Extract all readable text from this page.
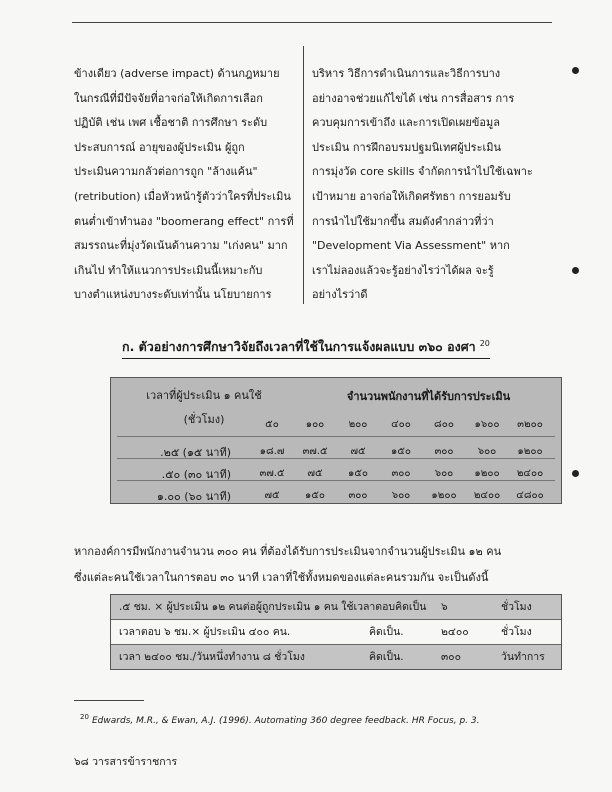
ข้างเดียว (adverse impact) ด้านกฎหมาย
ในกรณีที่มีปัจจัยที่อาจก่อให้เกิดการเลือก
ปฏิบัติ เช่น เพศ เชื้อชาติ การศึกษา ระดับ
ประสบการณ์ อายุของผู้ประเมิน ผู้ถูก
ประเมินความกลัวต่อการถูก "ล้างแค้น"
(retribution) เมื่อหัวหน้ารู้ตัวว่าใครที่ประเมิน
ตนต่ำเข้าทำนอง "boomerang effect" การที่
สมรรถนะที่มุ่งวัดเน้นด้านความ "เก่งคน" มาก
เกินไป ทำให้แนวการประเมินนี้เหมาะกับ
บางตำแหน่งบางระดับเท่านั้น นโยบายการ
บริหาร วิธีการดำเนินการและวิธีการบาง
อย่างอาจช่วยแก้ไขได้ เช่น การสื่อสาร การ
ควบคุมการเข้าถึง และการเปิดเผยข้อมูล
ประเมิน การฝึกอบรมปฐมนิเทศผู้ประเมิน
การมุ่งวัด core skills จำกัดการนำไปใช้เฉพาะ
เป้าหมาย อาจก่อให้เกิดศรัทธา การยอมรับ
การนำไปใช้มากขึ้น สมดังคำกล่าวที่ว่า
"Development Via Assessment" หาก
เราไม่ลองแล้วจะรู้อย่างไรว่าได้ผล จะรู้
อย่างไรว่าดี
ก. ตัวอย่างการศึกษาวิจัยถึงเวลาที่ใช้ในการแจ้งผลแบบ ๓๖๐ องศา $^{20}$
เวลาที่ผู้ประเมิน ๑ คนใช้
(ชั่วโมง)
จำนวนพนักงานที่ได้รับการประเมิน
๕๐	๑๐๐	๒๐๐	๔๐๐	๘๐๐	๑๖๐๐	๓๒๐๐
.๒๕ (๑๕ นาที)	๑๘.๗	๓๗.๕	๗๕	๑๕๐	๓๐๐	๖๐๐	๑๒๐๐
.๕๐ (๓๐ นาที)	๓๗.๕	๗๕	๑๕๐	๓๐๐	๖๐๐	๑๒๐๐	๒๔๐๐
๑.๐๐ (๖๐ นาที)	๗๕	๑๕๐	๓๐๐	๖๐๐	๑๒๐๐	๒๔๐๐	๔๘๐๐
หากองค์การมีพนักงานจำนวน ๓๐๐ คน ที่ต้องได้รับการประเมินจากจำนวนผู้ประเมิน ๑๒ คน
ซึ่งแต่ละคนใช้เวลาในการตอบ ๓๐ นาที เวลาที่ใช้ทั้งหมดของแต่ละคนรวมกัน จะเป็นดังนี้
.๕ ชม. × ผู้ประเมิน ๑๒ คนต่อผู้ถูกประเมิน ๑ คน ใช้เวลาตอบคิดเป็น ๖	ชั่วโมง
เวลาตอบ ๖ ชม.× ผู้ประเมิน ๔๐๐ คน.	คิดเป็น.	๒๔๐๐	ชั่วโมง
เวลา ๒๔๐๐ ชม./วันหนึ่งทำงาน ๘ ชั่วโมง	คิดเป็น.	๓๐๐	วันทำการ
20 Edwards, M.R., & Ewan, A.J. (1996). Automating 360 degree feedback. HR Focus, p. 3.
๖๘ วารสารข้าราชการ
